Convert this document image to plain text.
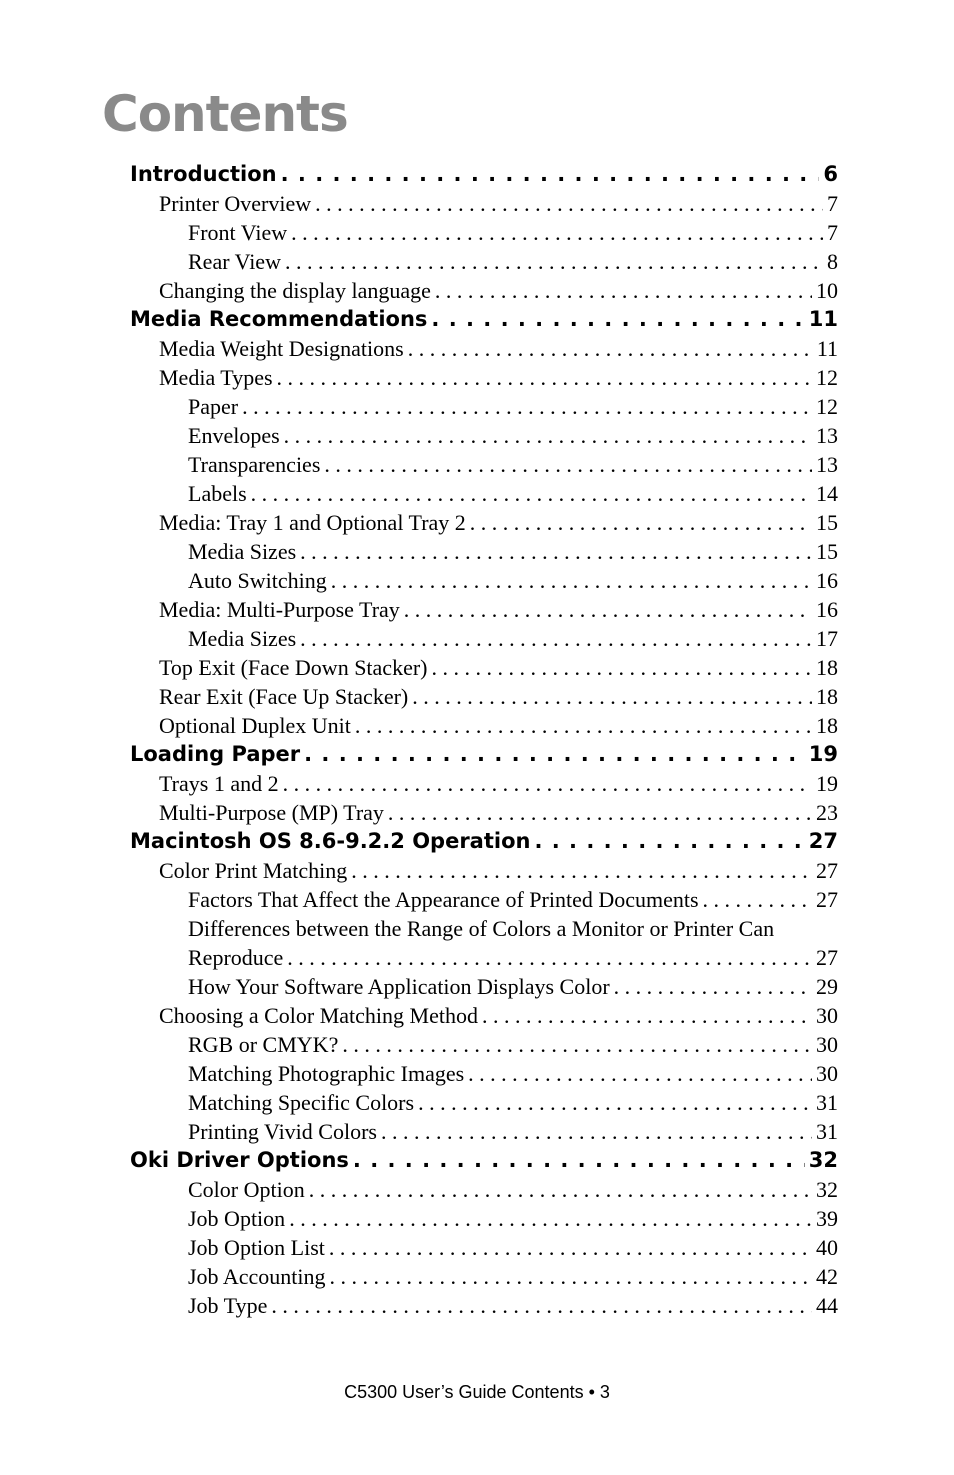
Contents
Introduction . . .	6
Printer Overview . . .	7
Front View . . .	7
Rear View . . .	8
Changing the display language . . .	10
Media Recommendations . . .	11
Media Weight Designations . . .	11
Media Types . . .	12
Paper . . .	12
Envelopes . . .	13
Transparencies . . .	13
Labels . . .	14
Media: Tray 1 and Optional Tray 2 . . .	15
Media Sizes . . .	15
Auto Switching . . .	16
Media: Multi-Purpose Tray . . .	16
Media Sizes . . .	17
Top Exit (Face Down Stacker) . . .	18
Rear Exit (Face Up Stacker) . . .	18
Optional Duplex Unit . . .	18
Loading Paper . . .	19
Trays 1 and 2 . . .	19
Multi-Purpose (MP) Tray . . .	23
Macintosh OS 8.6-9.2.2 Operation . . .	27
Color Print Matching . . .	27
Factors That Affect the Appearance of Printed Documents . . .	27
Differences between the Range of Colors a Monitor or Printer Can
Reproduce . . .	27
How Your Software Application Displays Color . . .	29
Choosing a Color Matching Method . . .	30
RGB or CMYK? . . .	30
Matching Photographic Images . . .	30
Matching Specific Colors . . .	31
Printing Vivid Colors . . .	31
Oki Driver Options . . .	32
Color Option . . .	32
Job Option . . .	39
Job Option List . . .	40
Job Accounting . . .	42
Job Type . . .	44
C5300 User’s Guide Contents • 3
